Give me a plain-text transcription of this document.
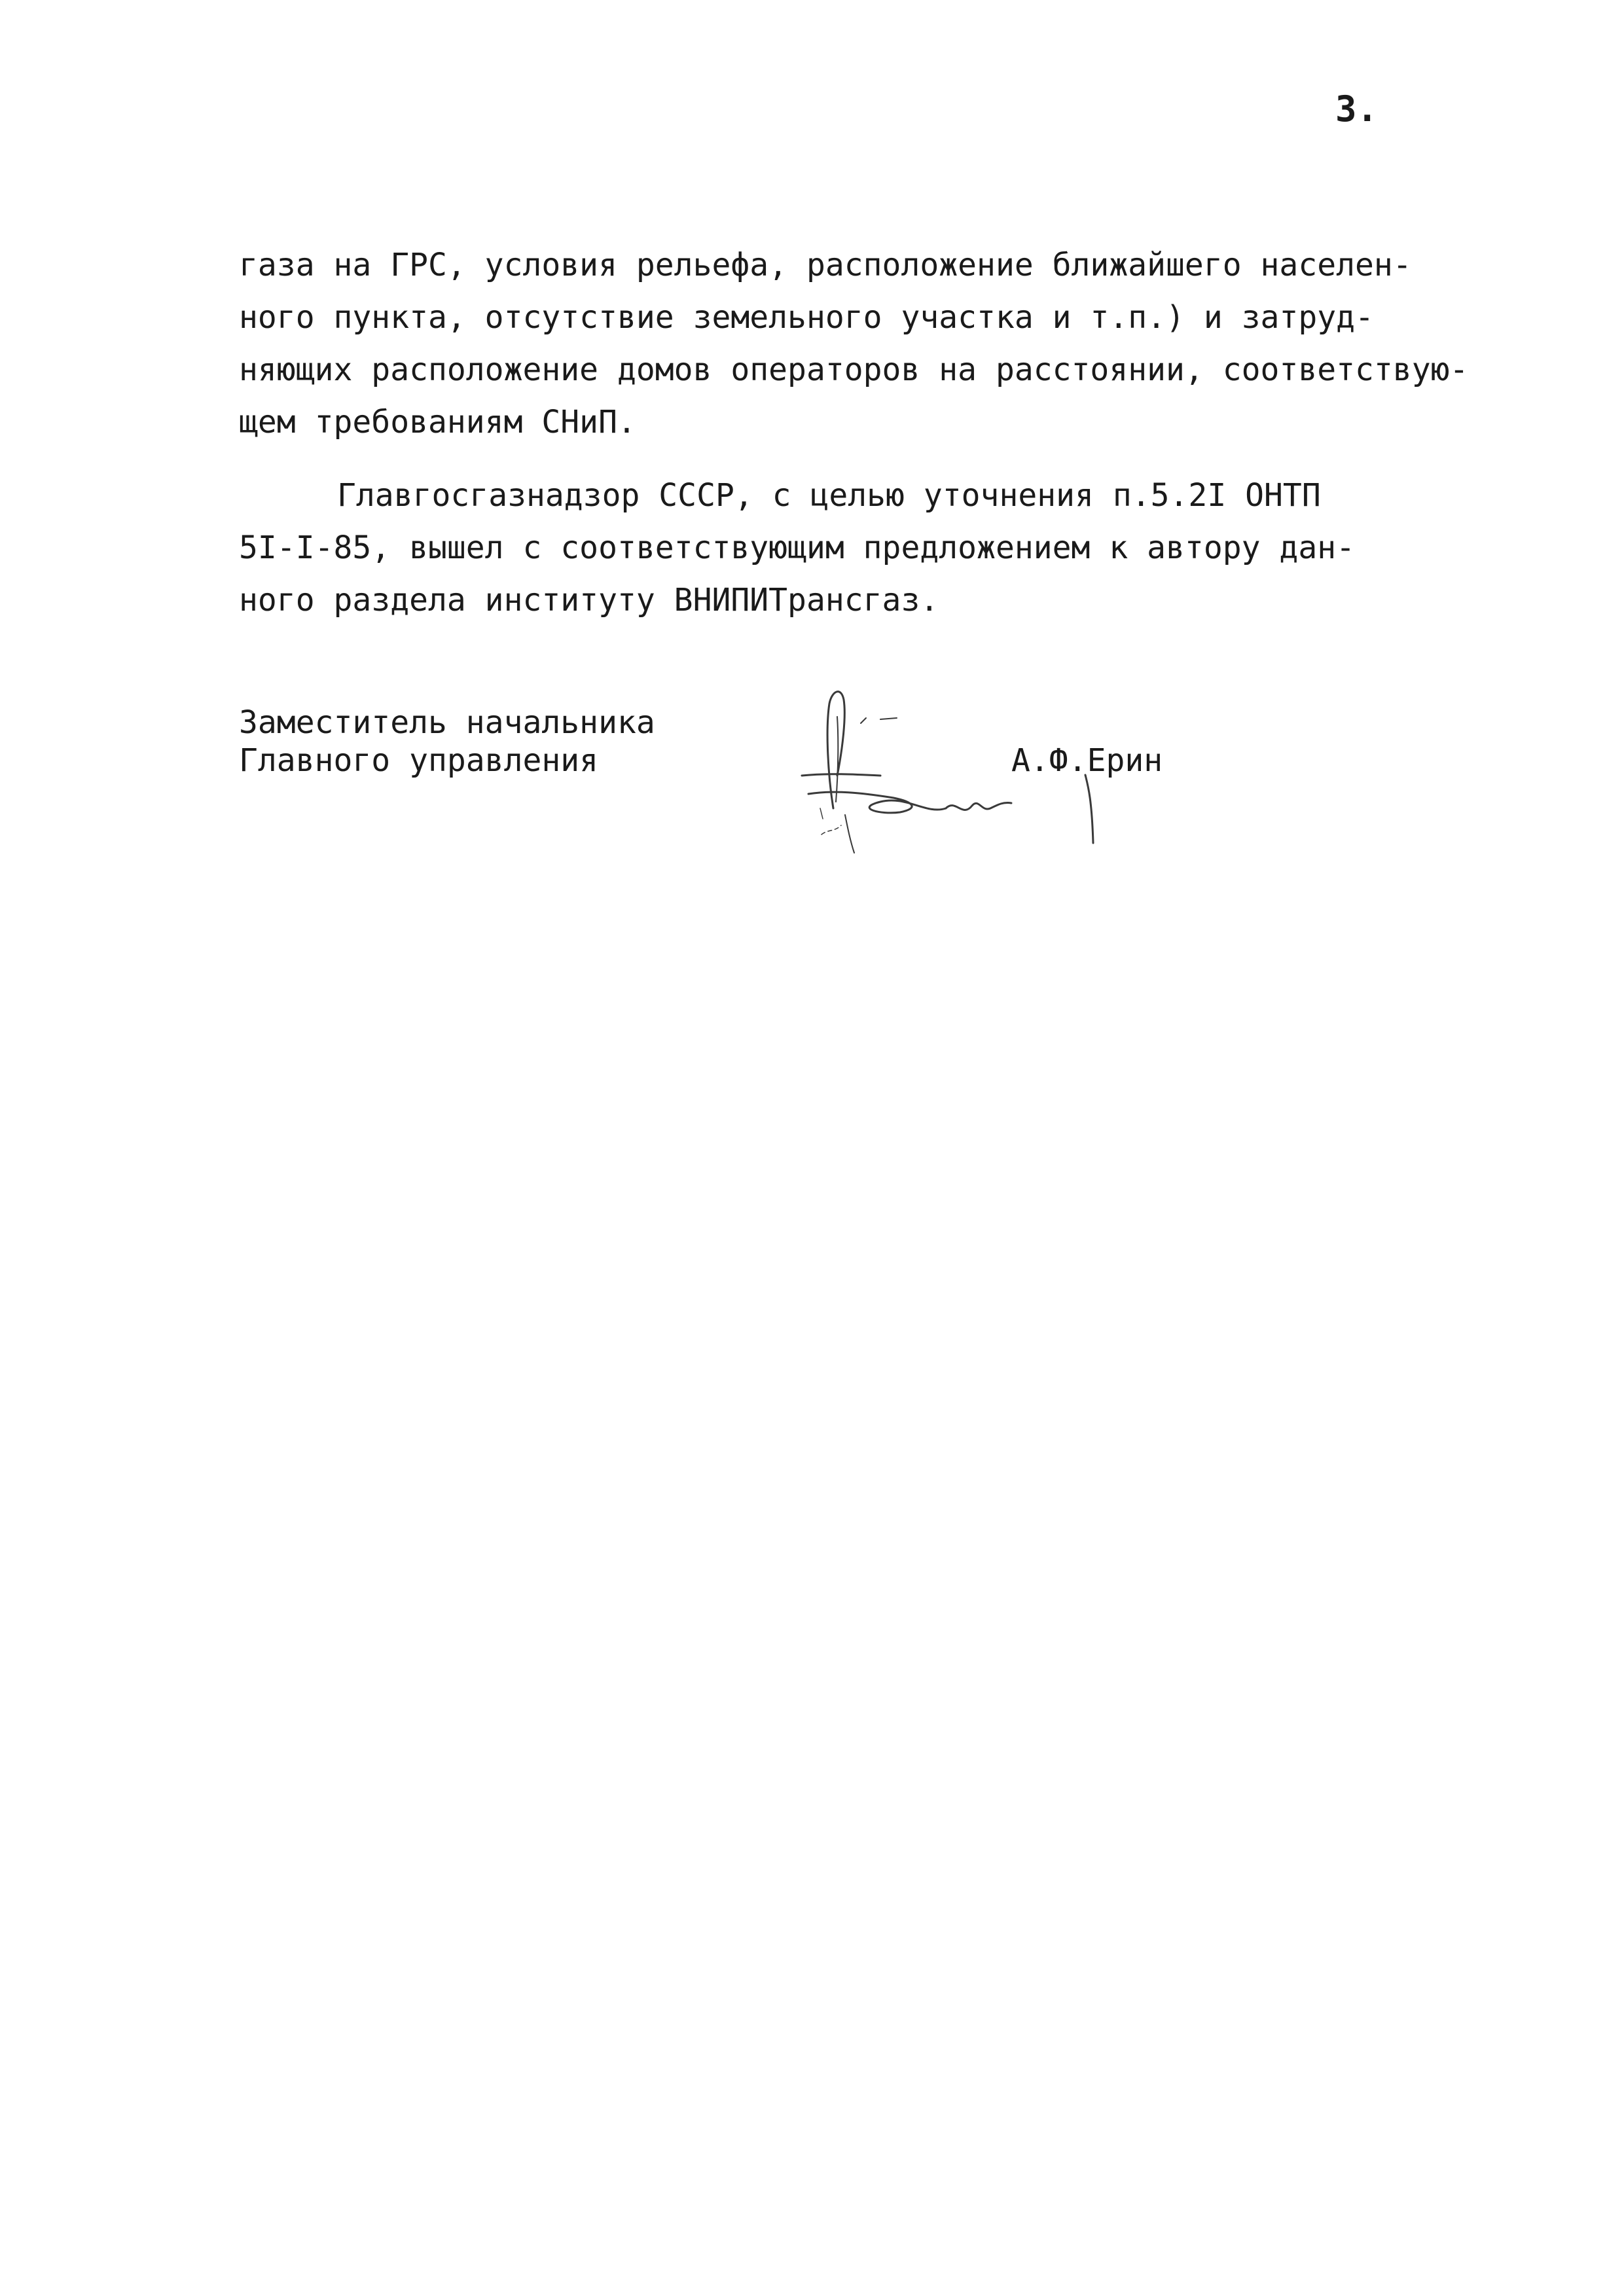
3.
газа на ГРС, условия рельефа, расположение ближайшего населен-
ного пункта, отсутствие земельного участка и т.п.) и затруд-
няющих расположение домов операторов на расстоянии, соответствую-
щем требованиям СНиП.
Главгосгазнадзор СССР, с целью уточнения п.5.2I ОНТП
5I-I-85, вышел с соответствующим предложением к автору дан-
ного раздела институту ВНИПИТрансгаз.
Заместитель начальника
Главного управления	А.Ф.Ерин
